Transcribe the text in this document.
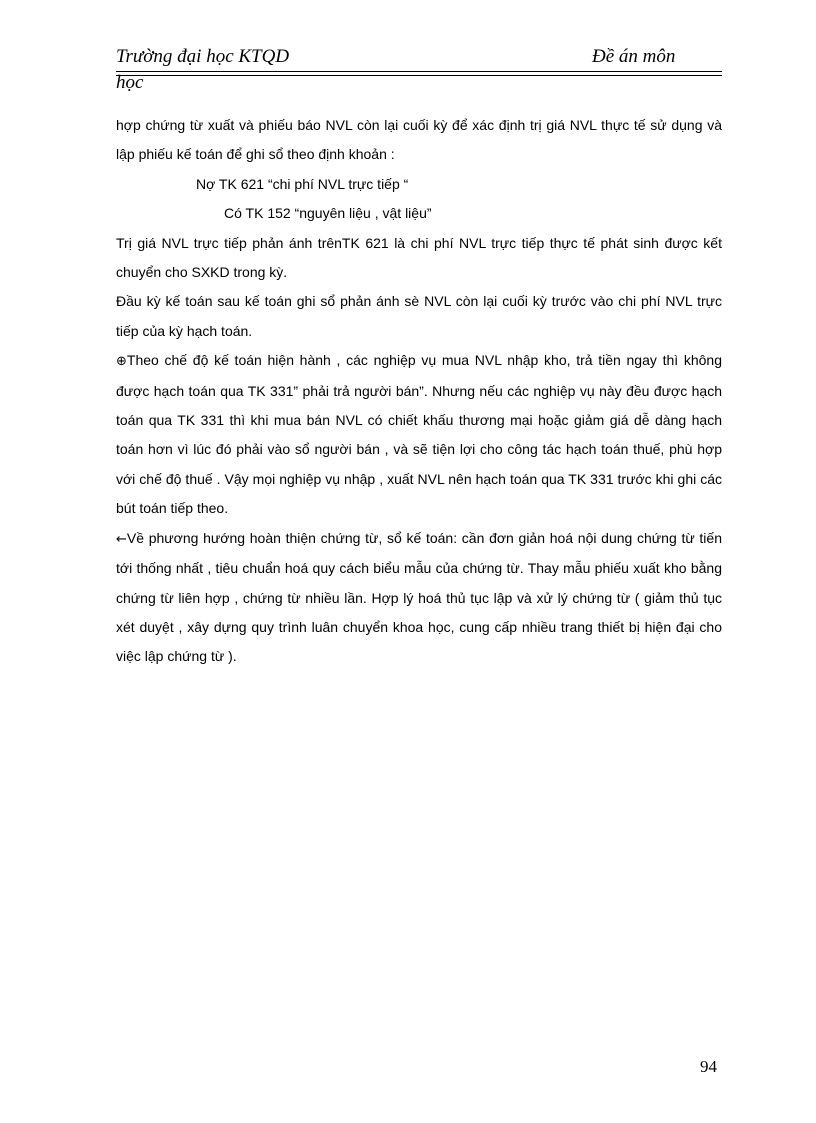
Trường đại học KTQD	Đề án môn
học

hợp chứng từ xuất và phiếu báo NVL còn lại cuối kỳ để xác định trị giá NVL thực tế sử dụng và lập phiếu kế toán để ghi sổ theo định khoản :

Nợ TK 621 “chi phí NVL trực tiếp “

Có TK 152 “nguyên liệu , vật liệu”

Trị giá NVL trực tiếp phản ánh trênTK 621 là chi phí NVL trực tiếp thực tế phát sinh được kết chuyển cho SXKD trong kỳ.

Đầu kỳ kế toán sau kế toán ghi sổ phản ánh sè NVL còn lại cuối kỳ trước vào chi phí NVL trực tiếp của kỳ hạch toán.

⊕Theo chế độ kế toán hiện hành , các nghiệp vụ mua NVL nhập kho, trả tiền ngay thì không được hạch toán qua TK 331” phải trả người bán”. Nhưng nếu các nghiệp vụ này đều được hạch toán qua TK 331 thì khi mua bán NVL có chiết khấu thương mại hoặc giảm giá dễ dàng hạch toán hơn vì lúc đó phải vào sổ người bán , và sẽ tiện lợi cho công tác hạch toán thuế, phù hợp với chế độ thuế . Vậy mọi nghiệp vụ nhập , xuất NVL nên hạch toán qua TK 331 trước khi ghi các bút toán tiếp theo.

←Về phương hướng hoàn thiện chứng từ, sổ kế toán: cần đơn giản hoá nội dung chứng từ tiến tới thống nhất , tiêu chuẩn hoá quy cách biểu mẫu của chứng từ. Thay mẫu phiếu xuất kho bằng chứng từ liên hợp , chứng từ nhiều lần. Hợp lý hoá thủ tục lập và xử lý chứng từ ( giảm thủ tục xét duyệt , xây dựng quy trình luân chuyển khoa học, cung cấp nhiều trang thiết bị hiện đại cho việc lập chứng từ ).

94
